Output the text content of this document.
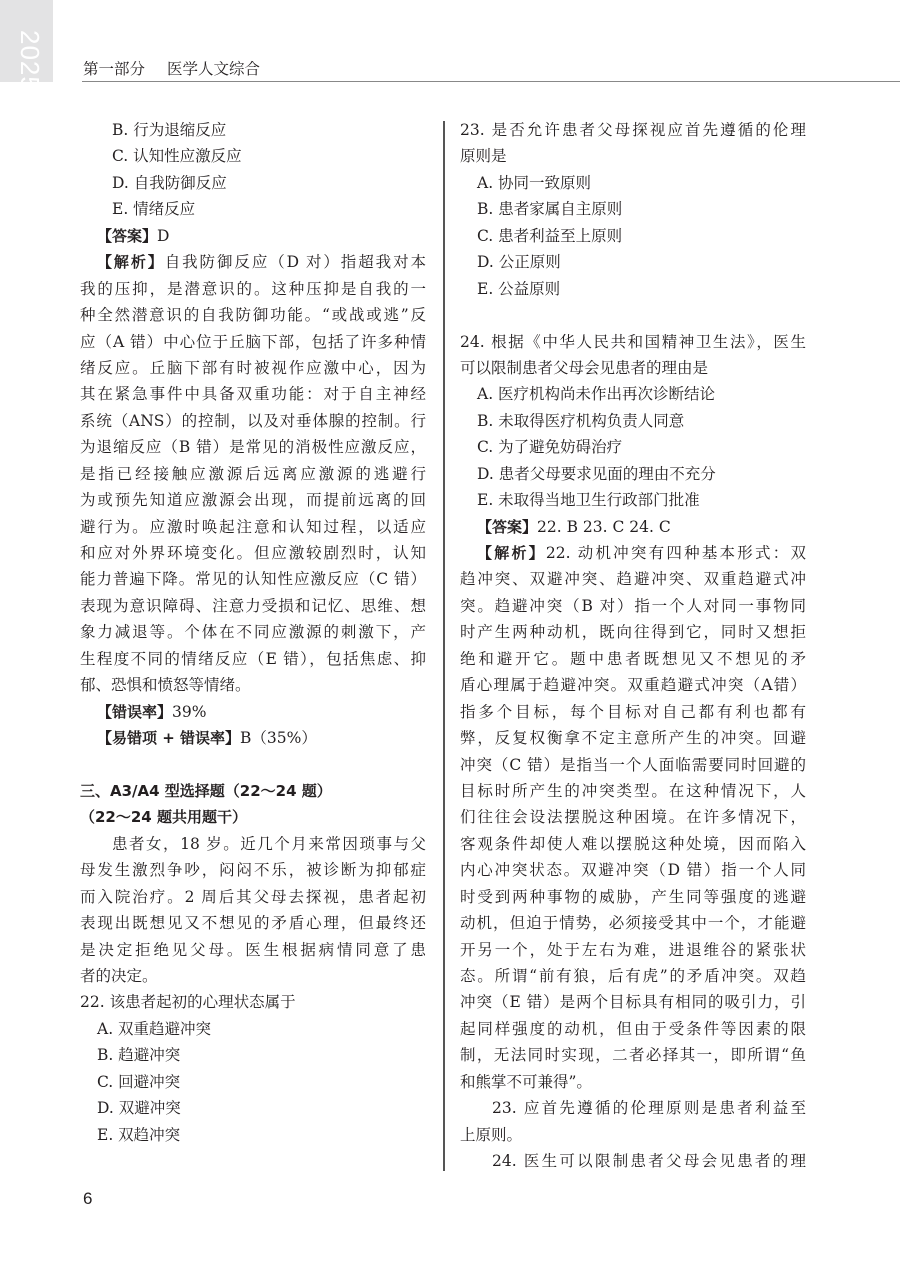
2025 第一部分 医学人文综合
B. 行为退缩反应
C. 认知性应激反应
D. 自我防御反应
E. 情绪反应
【答案】D
【解析】自我防御反应（D 对）指超我对本
我的压抑，是潜意识的。这种压抑是自我的一
种全然潜意识的自我防御功能。“或战或逃”反
应（A 错）中心位于丘脑下部，包括了许多种情
绪反应。丘脑下部有时被视作应激中心，因为
其在紧急事件中具备双重功能：对于自主神经
系统（ANS）的控制，以及对垂体腺的控制。行
为退缩反应（B 错）是常见的消极性应激反应，
是指已经接触应激源后远离应激源的逃避行
为或预先知道应激源会出现，而提前远离的回
避行为。应激时唤起注意和认知过程，以适应
和应对外界环境变化。但应激较剧烈时，认知
能力普遍下降。常见的认知性应激反应（C 错）
表现为意识障碍、注意力受损和记忆、思维、想
象力减退等。个体在不同应激源的刺激下，产
生程度不同的情绪反应（E 错），包括焦虑、抑
郁、恐惧和愤怒等情绪。
【错误率】39%
【易错项 + 错误率】B（35%）
三、A3/A4 型选择题（22～24 题）
（22～24 题共用题干）
患者女，18 岁。近几个月来常因琐事与父
母发生激烈争吵，闷闷不乐，被诊断为抑郁症
而入院治疗。2 周后其父母去探视，患者起初
表现出既想见又不想见的矛盾心理，但最终还
是决定拒绝见父母。医生根据病情同意了患
者的决定。
22. 该患者起初的心理状态属于
A. 双重趋避冲突
B. 趋避冲突
C. 回避冲突
D. 双避冲突
E. 双趋冲突
23. 是否允许患者父母探视应首先遵循的伦理
原则是
A. 协同一致原则
B. 患者家属自主原则
C. 患者利益至上原则
D. 公正原则
E. 公益原则
24. 根据《中华人民共和国精神卫生法》，医生
可以限制患者父母会见患者的理由是
A. 医疗机构尚未作出再次诊断结论
B. 未取得医疗机构负责人同意
C. 为了避免妨碍治疗
D. 患者父母要求见面的理由不充分
E. 未取得当地卫生行政部门批准
【答案】22. B 23. C 24. C
【解析】22. 动机冲突有四种基本形式：双
趋冲突、双避冲突、趋避冲突、双重趋避式冲
突。趋避冲突（B 对）指一个人对同一事物同
时产生两种动机，既向往得到它，同时又想拒
绝和避开它。题中患者既想见又不想见的矛
盾心理属于趋避冲突。双重趋避式冲突（A错）
指多个目标，每个目标对自己都有利也都有
弊，反复权衡拿不定主意所产生的冲突。回避
冲突（C 错）是指当一个人面临需要同时回避的
目标时所产生的冲突类型。在这种情况下，人
们往往会设法摆脱这种困境。在许多情况下，
客观条件却使人难以摆脱这种处境，因而陷入
内心冲突状态。双避冲突（D 错）指一个人同
时受到两种事物的威胁，产生同等强度的逃避
动机，但迫于情势，必须接受其中一个，才能避
开另一个，处于左右为难，进退维谷的紧张状
态。所谓“前有狼，后有虎”的矛盾冲突。双趋
冲突（E 错）是两个目标具有相同的吸引力，引
起同样强度的动机，但由于受条件等因素的限
制，无法同时实现，二者必择其一，即所谓“鱼
和熊掌不可兼得”。
23. 应首先遵循的伦理原则是患者利益至
上原则。
24. 医生可以限制患者父母会见患者的理
6
